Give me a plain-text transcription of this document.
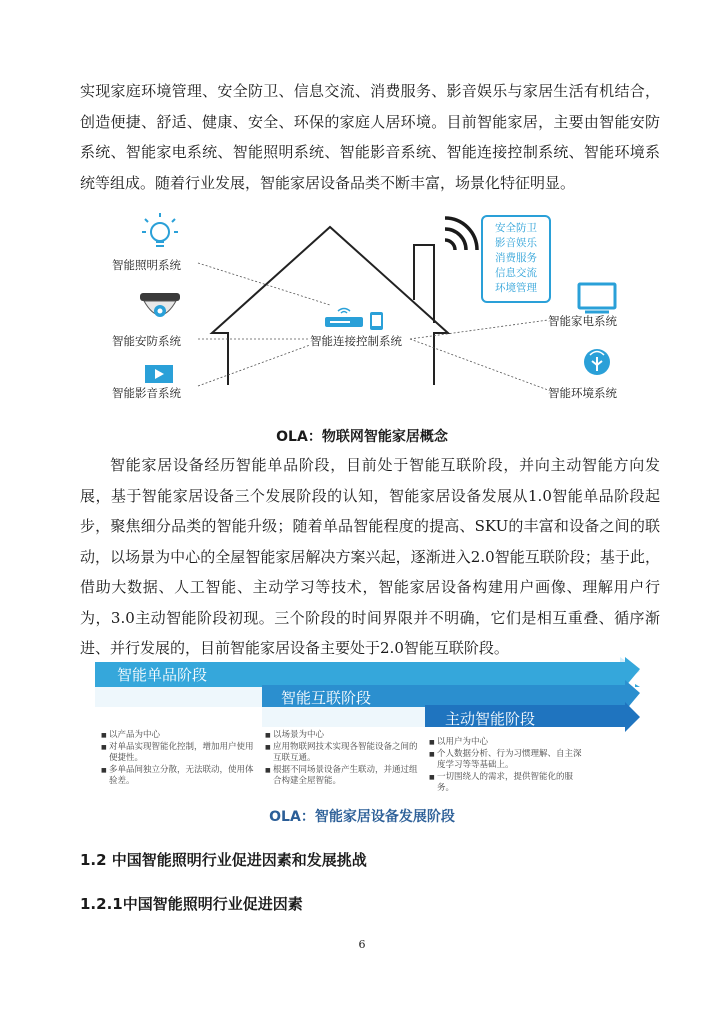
实现家庭环境管理、安全防卫、信息交流、消费服务、影音娱乐与家居生活有机结合，创造便捷、舒适、健康、安全、环保的家庭人居环境。目前智能家居，主要由智能安防系统、智能家电系统、智能照明系统、智能影音系统、智能连接控制系统、智能环境系统等组成。随着行业发展，智能家居设备品类不断丰富，场景化特征明显。

智能照明系统
智能安防系统
智能影音系统
智能连接控制系统
智能家电系统
智能环境系统
安全防卫
影音娱乐
消费服务
信息交流
环境管理
OLA：物联网智能家居概念

智能家居设备经历智能单品阶段，目前处于智能互联阶段，并向主动智能方向发展，基于智能家居设备三个发展阶段的认知，智能家居设备发展从1.0智能单品阶段起步，聚焦细分品类的智能升级；随着单品智能程度的提高、SKU的丰富和设备之间的联动，以场景为中心的全屋智能家居解决方案兴起，逐渐进入2.0智能互联阶段；基于此，借助大数据、人工智能、主动学习等技术，智能家居设备构建用户画像、理解用户行为，3.0主动智能阶段初现。三个阶段的时间界限并不明确，它们是相互重叠、循序渐进、并行发展的，目前智能家居设备主要处于2.0智能互联阶段。

智能单品阶段
智能互联阶段
主动智能阶段
■ 以产品为中心
■ 对单品实现智能化控制，增加用户使用便捷性。
■ 多单品间独立分散，无法联动，使用体验差。
■ 以场景为中心
■ 应用物联网技术实现各智能设备之间的互联互通。
■ 根据不同场景设备产生联动，并通过组合构建全屋智能。
■ 以用户为中心
■ 个人数据分析、行为习惯理解、自主深度学习等等基础上。
■ 一切围绕人的需求，提供智能化的服务。
OLA：智能家居设备发展阶段
1.2 中国智能照明行业促进因素和发展挑战
1.2.1中国智能照明行业促进因素
6
